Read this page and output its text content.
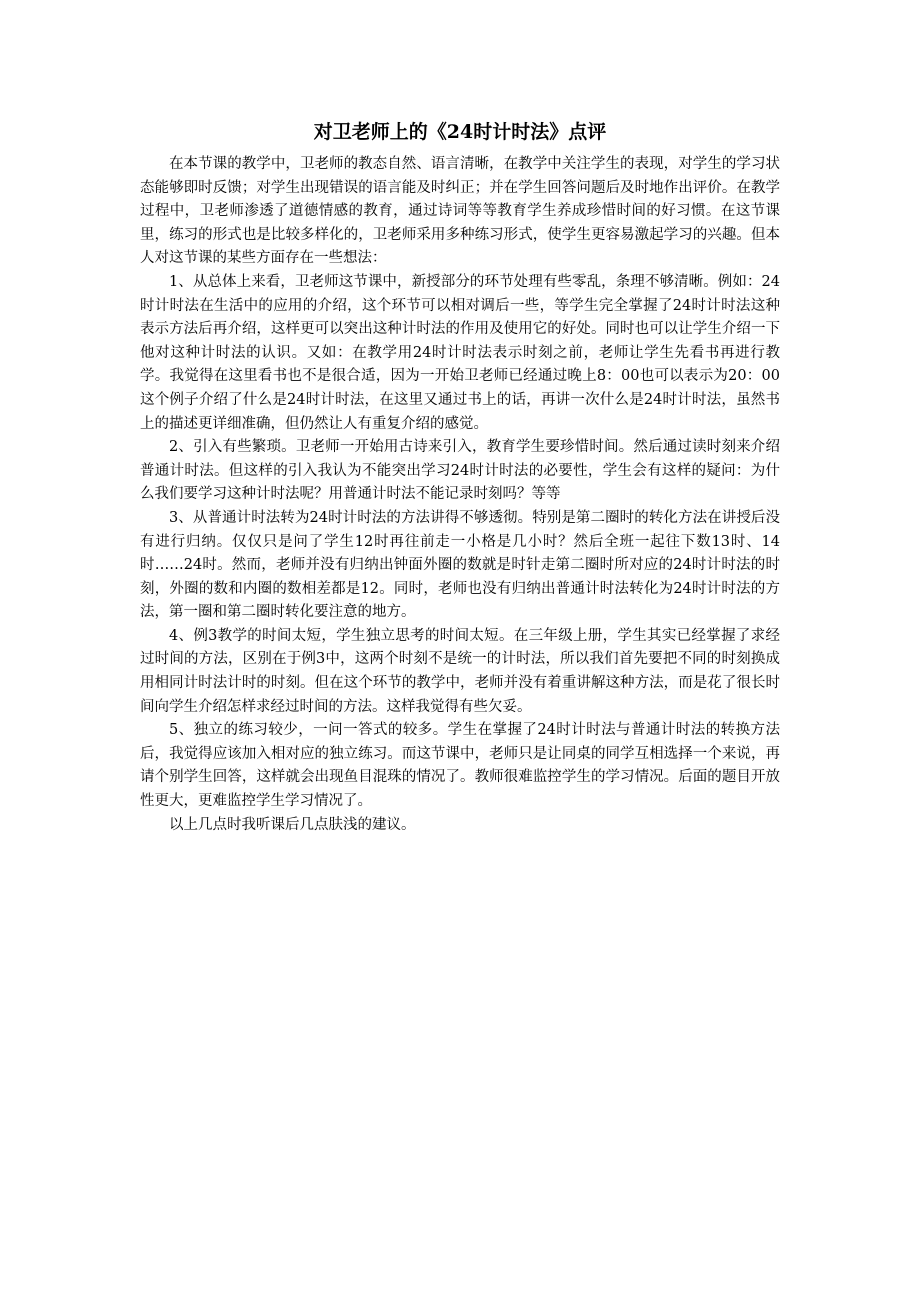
对卫老师上的《24时计时法》点评

在本节课的教学中，卫老师的教态自然、语言清晰，在教学中关注学生的表现，对学生的学习状态能够即时反馈；对学生出现错误的语言能及时纠正；并在学生回答问题后及时地作出评价。在教学过程中，卫老师渗透了道德情感的教育，通过诗词等等教育学生养成珍惜时间的好习惯。在这节课里，练习的形式也是比较多样化的，卫老师采用多种练习形式，使学生更容易激起学习的兴趣。但本人对这节课的某些方面存在一些想法：

1、从总体上来看，卫老师这节课中，新授部分的环节处理有些零乱，条理不够清晰。例如：24时计时法在生活中的应用的介绍，这个环节可以相对调后一些，等学生完全掌握了24时计时法这种表示方法后再介绍，这样更可以突出这种计时法的作用及使用它的好处。同时也可以让学生介绍一下他对这种计时法的认识。又如：在教学用24时计时法表示时刻之前，老师让学生先看书再进行教学。我觉得在这里看书也不是很合适，因为一开始卫老师已经通过晚上8：00也可以表示为20：00这个例子介绍了什么是24时计时法，在这里又通过书上的话，再讲一次什么是24时计时法，虽然书上的描述更详细准确，但仍然让人有重复介绍的感觉。

2、引入有些繁琐。卫老师一开始用古诗来引入，教育学生要珍惜时间。然后通过读时刻来介绍普通计时法。但这样的引入我认为不能突出学习24时计时法的必要性，学生会有这样的疑问：为什么我们要学习这种计时法呢？用普通计时法不能记录时刻吗？等等

3、从普通计时法转为24时计时法的方法讲得不够透彻。特别是第二圈时的转化方法在讲授后没有进行归纳。仅仅只是问了学生12时再往前走一小格是几小时？然后全班一起往下数13时、14时……24时。然而，老师并没有归纳出钟面外圈的数就是时针走第二圈时所对应的24时计时法的时刻，外圈的数和内圈的数相差都是12。同时，老师也没有归纳出普通计时法转化为24时计时法的方法，第一圈和第二圈时转化要注意的地方。

4、例3教学的时间太短，学生独立思考的时间太短。在三年级上册，学生其实已经掌握了求经过时间的方法，区别在于例3中，这两个时刻不是统一的计时法，所以我们首先要把不同的时刻换成用相同计时法计时的时刻。但在这个环节的教学中，老师并没有着重讲解这种方法，而是花了很长时间向学生介绍怎样求经过时间的方法。这样我觉得有些欠妥。

5、独立的练习较少，一问一答式的较多。学生在掌握了24时计时法与普通计时法的转换方法后，我觉得应该加入相对应的独立练习。而这节课中，老师只是让同桌的同学互相选择一个来说，再请个别学生回答，这样就会出现鱼目混珠的情况了。教师很难监控学生的学习情况。后面的题目开放性更大，更难监控学生学习情况了。

以上几点时我听课后几点肤浅的建议。
